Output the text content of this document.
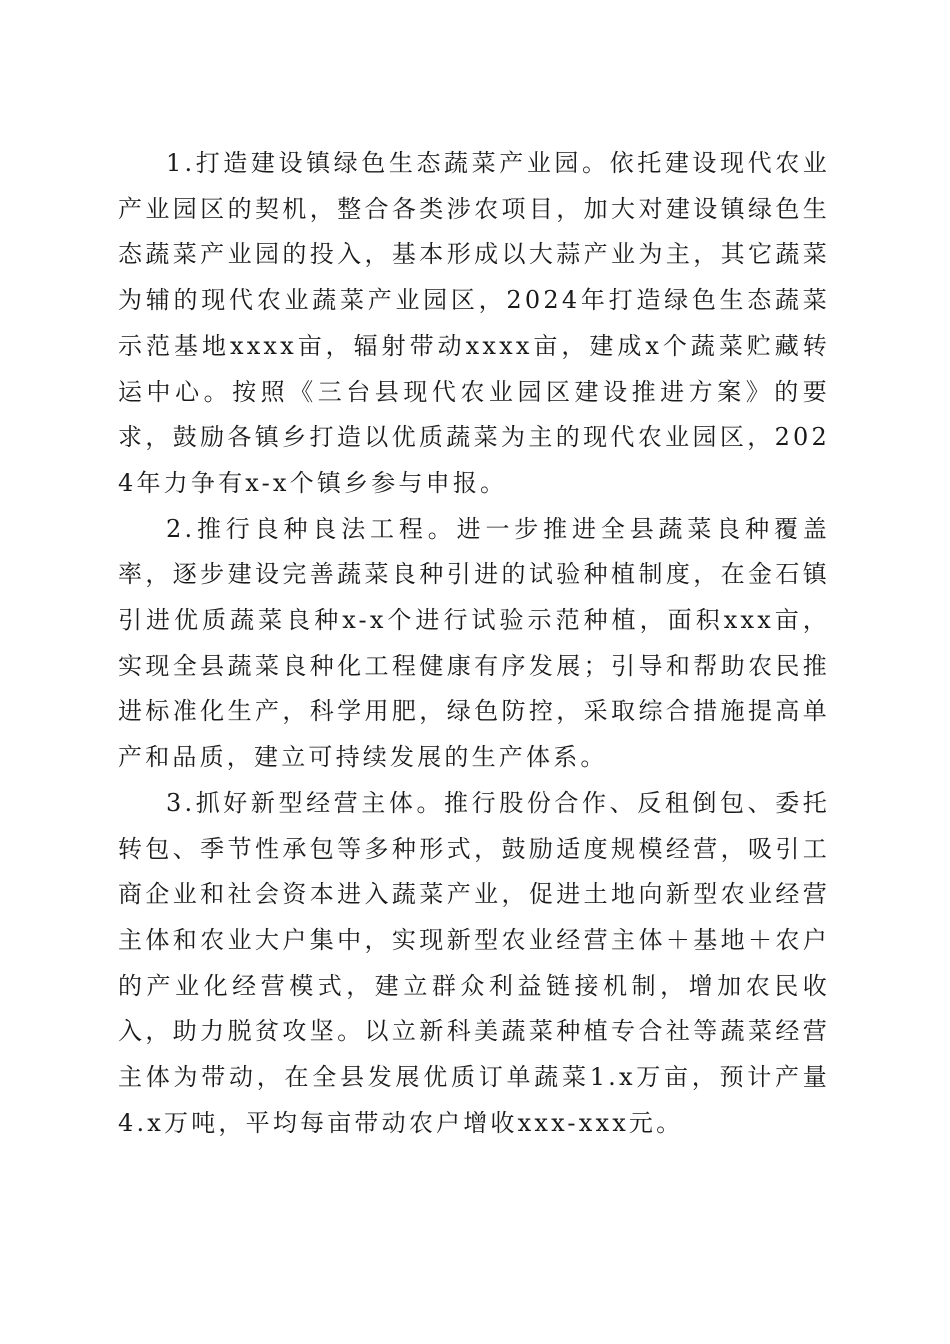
1.打造建设镇绿色生态蔬菜产业园。依托建设现代农业产业园区的契机，整合各类涉农项目，加大对建设镇绿色生态蔬菜产业园的投入，基本形成以大蒜产业为主，其它蔬菜为辅的现代农业蔬菜产业园区，2024年打造绿色生态蔬菜示范基地xxxx亩，辐射带动xxxx亩，建成x个蔬菜贮藏转运中心。按照《三台县现代农业园区建设推进方案》的要求，鼓励各镇乡打造以优质蔬菜为主的现代农业园区，2024年力争有x-x个镇乡参与申报。

2.推行良种良法工程。进一步推进全县蔬菜良种覆盖率，逐步建设完善蔬菜良种引进的试验种植制度，在金石镇引进优质蔬菜良种x-x个进行试验示范种植，面积xxx亩，实现全县蔬菜良种化工程健康有序发展；引导和帮助农民推进标准化生产，科学用肥，绿色防控，采取综合措施提高单产和品质，建立可持续发展的生产体系。

3.抓好新型经营主体。推行股份合作、反租倒包、委托转包、季节性承包等多种形式，鼓励适度规模经营，吸引工商企业和社会资本进入蔬菜产业，促进土地向新型农业经营主体和农业大户集中，实现新型农业经营主体＋基地＋农户的产业化经营模式，建立群众利益链接机制，增加农民收入，助力脱贫攻坚。以立新科美蔬菜种植专合社等蔬菜经营主体为带动，在全县发展优质订单蔬菜1.x万亩，预计产量4.x万吨，平均每亩带动农户增收xxx-xxx元。
